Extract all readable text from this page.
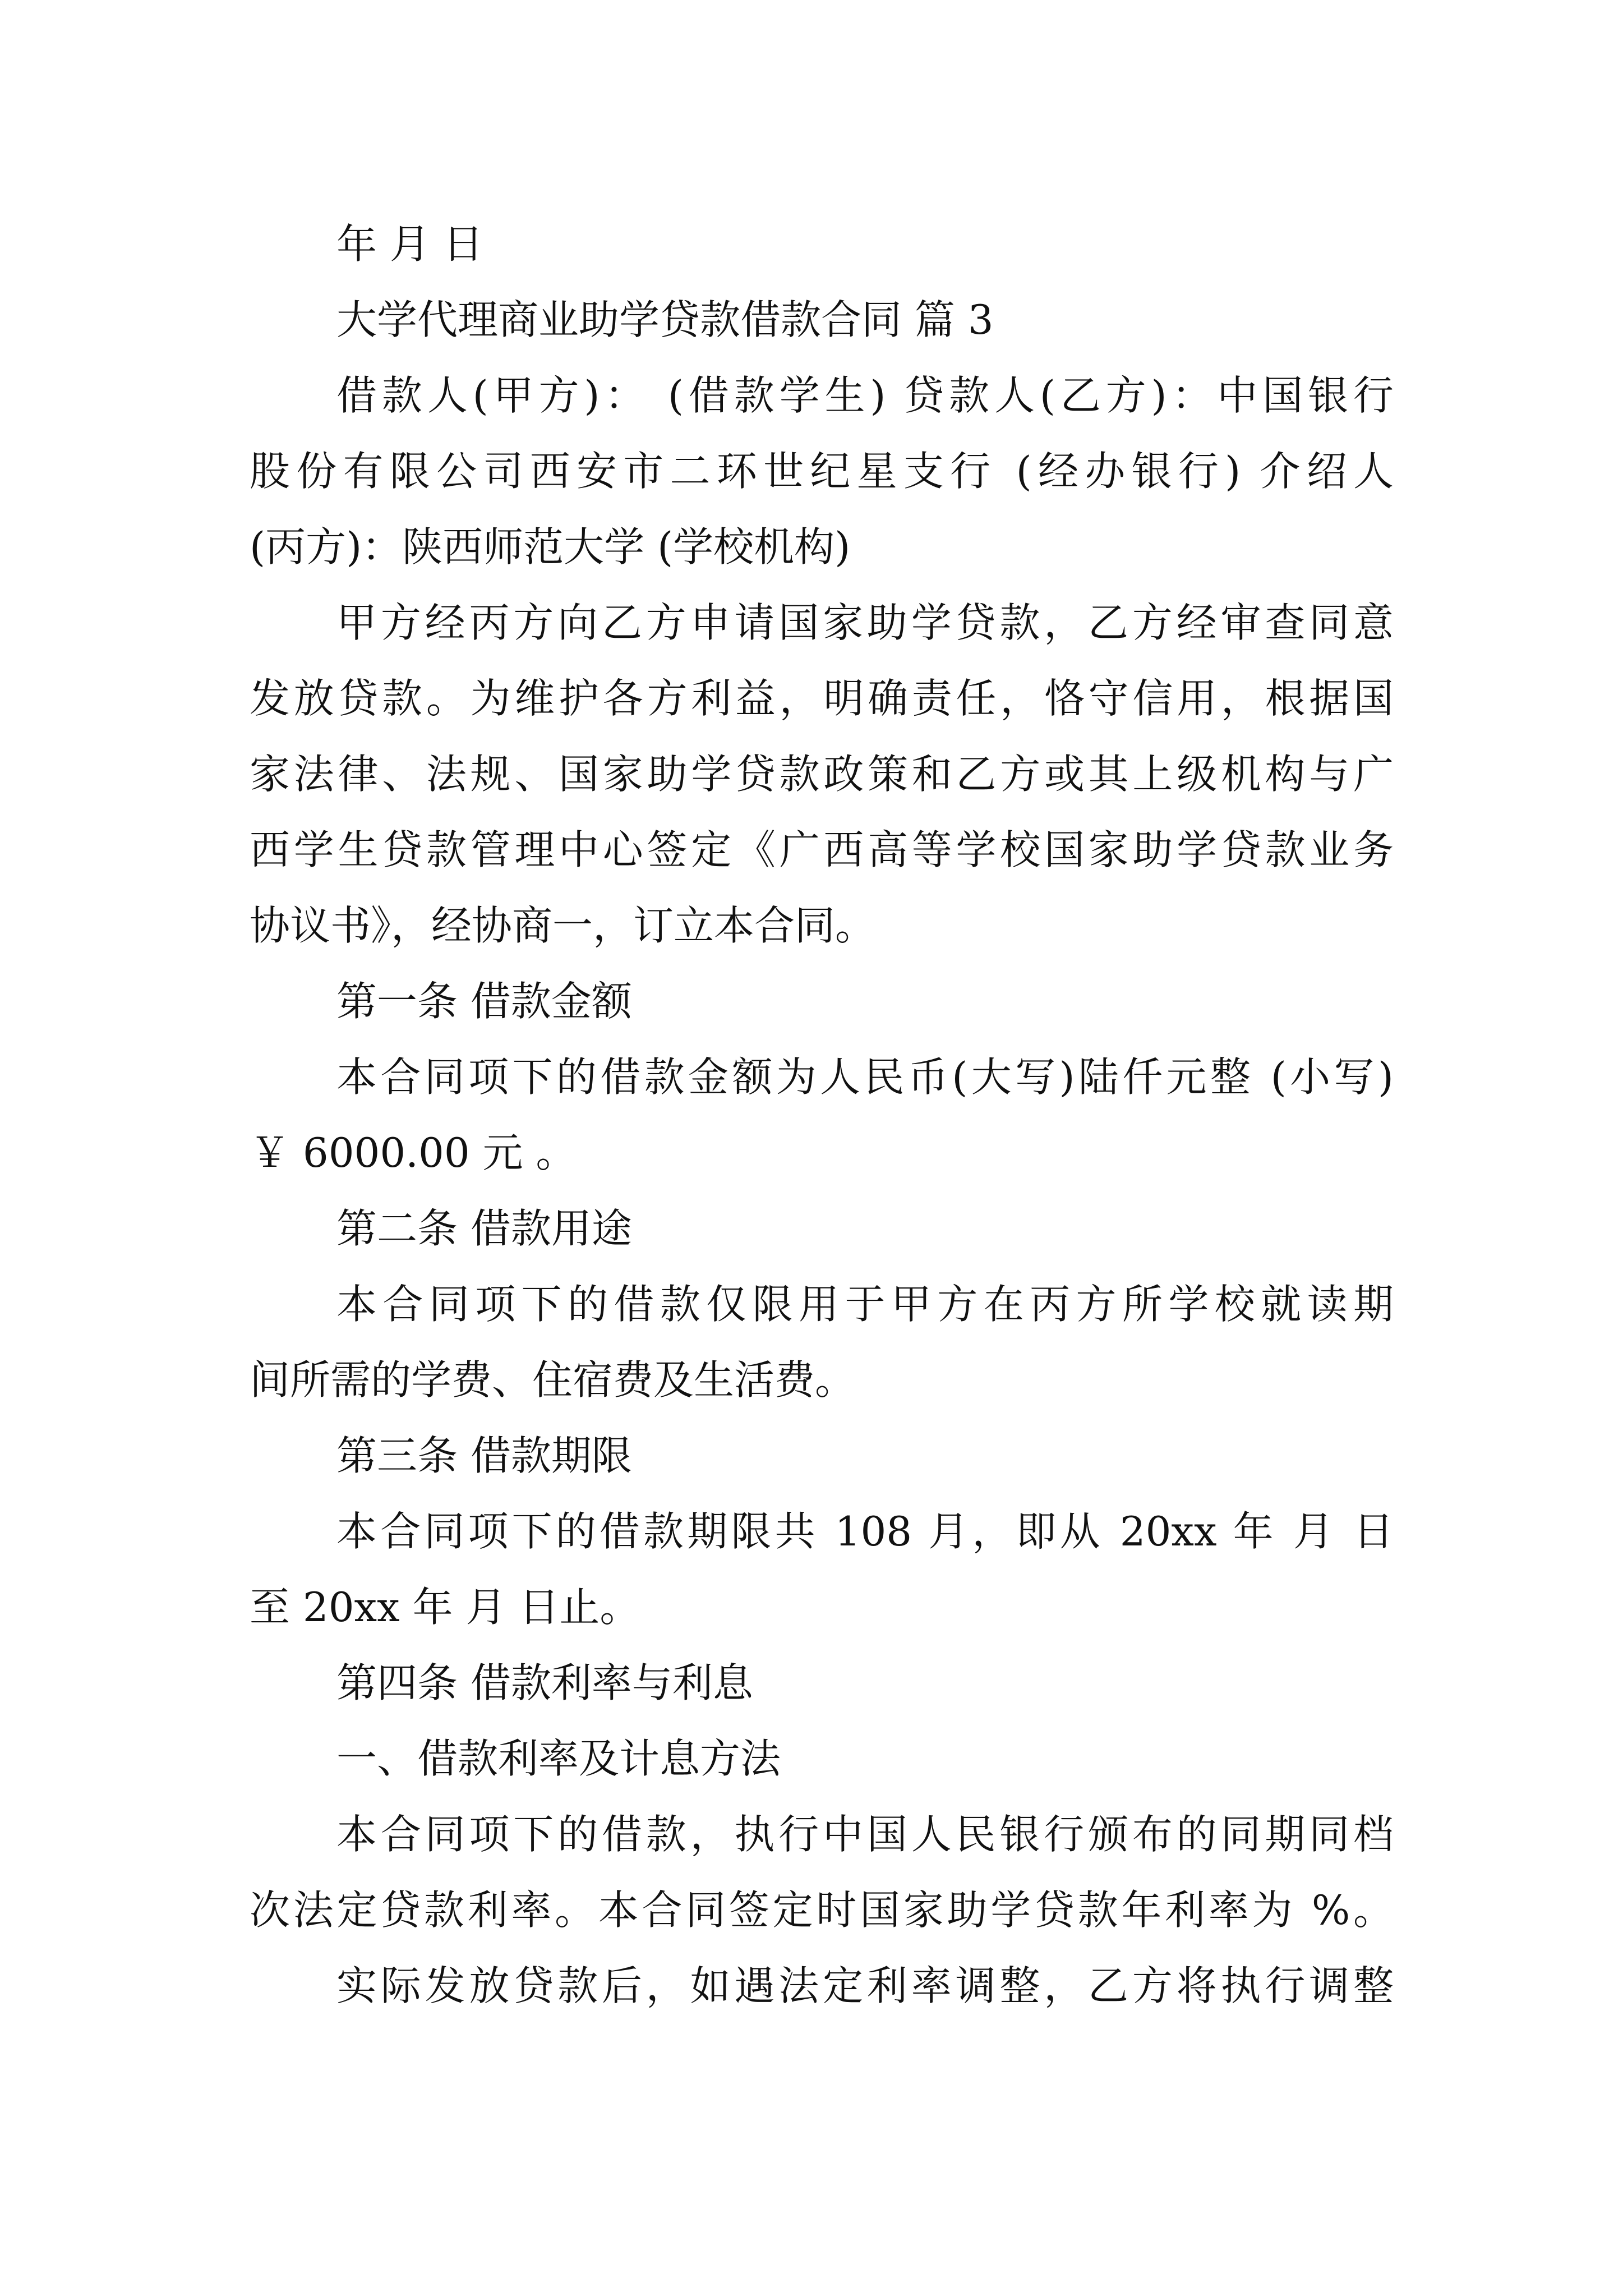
年 月 日
大学代理商业助学贷款借款合同 篇 3
借款人(甲方)： (借款学生) 贷款人(乙方)：中国银行
股份有限公司西安市二环世纪星支行 (经办银行) 介绍人
(丙方)：陕西师范大学 (学校机构)
甲方经丙方向乙方申请国家助学贷款，乙方经审查同意
发放贷款。为维护各方利益，明确责任，恪守信用，根据国
家法律、法规、国家助学贷款政策和乙方或其上级机构与广
西学生贷款管理中心签定《广西高等学校国家助学贷款业务
协议书》，经协商一，订立本合同。
第一条 借款金额
本合同项下的借款金额为人民币(大写)陆仟元整 (小写)
￥ 6000.00 元 。
第二条 借款用途
本合同项下的借款仅限用于甲方在丙方所学校就读期
间所需的学费、住宿费及生活费。
第三条 借款期限
本合同项下的借款期限共 108 月，即从 20xx 年 月 日
至 20xx 年 月 日止。
第四条 借款利率与利息
一、借款利率及计息方法
本合同项下的借款，执行中国人民银行颁布的同期同档
次法定贷款利率。本合同签定时国家助学贷款年利率为 %。
实际发放贷款后，如遇法定利率调整，乙方将执行调整
